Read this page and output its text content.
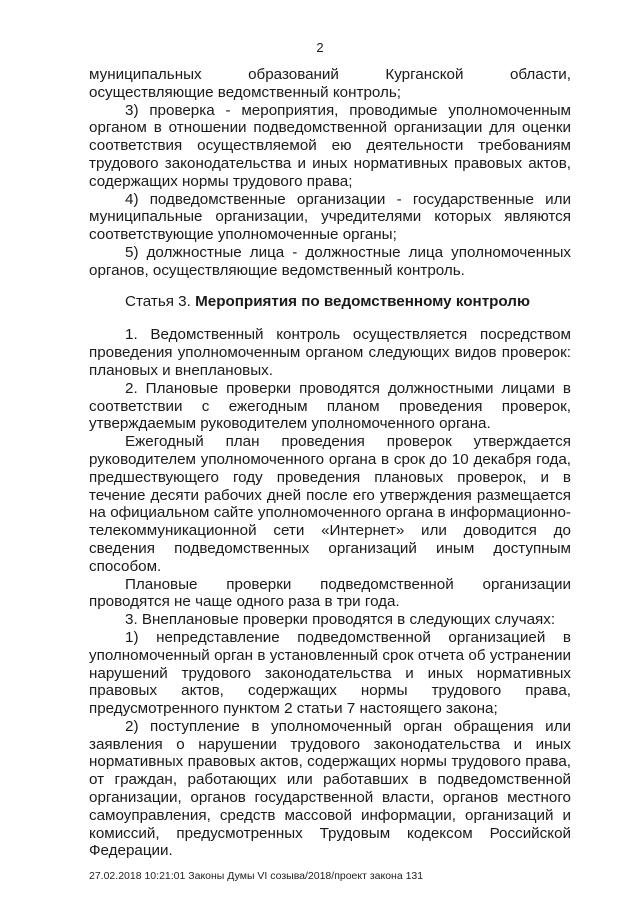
2

муниципальных образований Курганской области, осуществляющие ведомственный контроль;

3) проверка - мероприятия, проводимые уполномоченным органом в отношении подведомственной организации для оценки соответствия осуществляемой ею деятельности требованиям трудового законодательства и иных нормативных правовых актов, содержащих нормы трудового права;

4) подведомственные организации - государственные или муниципальные организации, учредителями которых являются соответствующие уполномоченные органы;

5) должностные лица - должностные лица уполномоченных органов, осуществляющие ведомственный контроль.

Статья 3. Мероприятия по ведомственному контролю

1. Ведомственный контроль осуществляется посредством проведения уполномоченным органом следующих видов проверок: плановых и внеплановых.

2. Плановые проверки проводятся должностными лицами в соответствии с ежегодным планом проведения проверок, утверждаемым руководителем уполномоченного органа.

Ежегодный план проведения проверок утверждается руководителем уполномоченного органа в срок до 10 декабря года, предшествующего году проведения плановых проверок, и в течение десяти рабочих дней после его утверждения размещается на официальном сайте уполномоченного органа в информационно-телекоммуникационной сети «Интернет» или доводится до сведения подведомственных организаций иным доступным способом.

Плановые проверки подведомственной организации проводятся не чаще одного раза в три года.

3. Внеплановые проверки проводятся в следующих случаях:

1) непредставление подведомственной организацией в уполномоченный орган в установленный срок отчета об устранении нарушений трудового законодательства и иных нормативных правовых актов, содержащих нормы трудового права, предусмотренного пунктом 2 статьи 7 настоящего закона;

2) поступление в уполномоченный орган обращения или заявления о нарушении трудового законодательства и иных нормативных правовых актов, содержащих нормы трудового права, от граждан, работающих или работавших в подведомственной организации, органов государственной власти, органов местного самоуправления, средств массовой информации, организаций и комиссий, предусмотренных Трудовым кодексом Российской Федерации.

27.02.2018 10:21:01 Законы Думы VI созыва/2018/проект закона 131
